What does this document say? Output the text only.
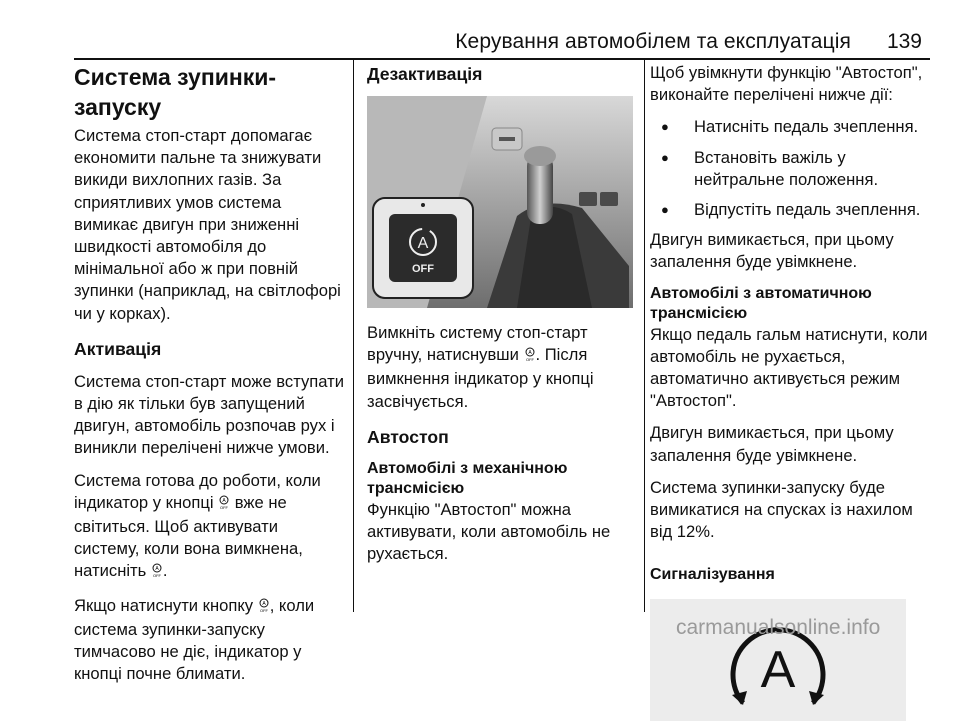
Керування автомобілем та експлуатація 139
Система зупинки-запуску

Система стоп-старт допомагає економити пальне та знижувати викиди вихлопних газів. За сприятливих умов система вимикає двигун при зниженні швидкості автомобіля до мінімальної або ж при повній зупинки (наприклад, на світлофорі чи у корках).

Активація

Система стоп-старт може вступати в дію як тільки був запущений двигун, автомобіль розпочав рух і виникли перелічені нижче умови.

Система готова до роботи, коли індикатор у кнопці A
OFF вже не світиться. Щоб активувати систему, коли вона вимкнена, натисніть A
OFF .

Якщо натиснути кнопку A
OFF , коли система зупинки-запуску тимчасово не діє, індикатор у кнопці почне блимати.

Дезактивація
A
OFF

Вимкніть систему стоп-старт вручну, натиснувши A
OFF . Після вимкнення індикатор у кнопці засвічується.

Автостоп
Автомобілі з механічною трансмісією

Функцію "Автостоп" можна активувати, коли автомобіль не рухається.

Щоб увімкнути функцію "Автостоп", виконайте перелічені нижче дії:

● Натисніть педаль зчеплення.
● Встановіть важіль у нейтральне положення.
● Відпустіть педаль зчеплення.

Двигун вимикається, при цьому запалення буде увімкнене.

Автомобілі з автоматичною трансмісією

Якщо педаль гальм натиснути, коли автомобіль не рухається, автоматично активується режим "Автостоп".

Двигун вимикається, при цьому запалення буде увімкнене.

Система зупинки-запуску буде вимикатися на спусках із нахилом від 12%.

Сигналізування
A
carmanualsonline.info
